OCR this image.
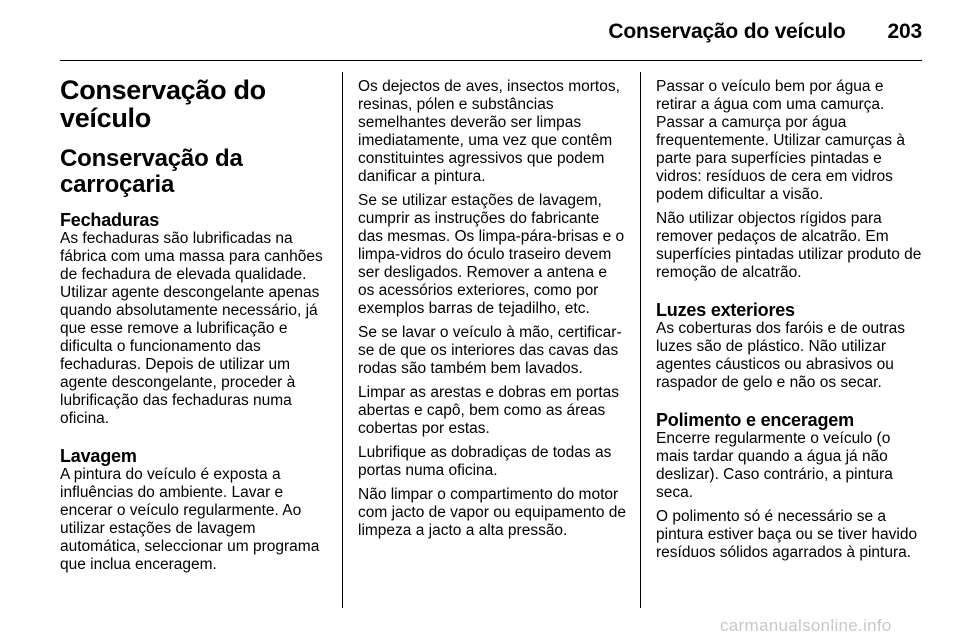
Conservação do veículo 203
Conservação do veículo
Conservação da carroçaria
Fechaduras

As fechaduras são lubrificadas na fábrica com uma massa para canhões de fechadura de elevada qualidade. Utilizar agente descongelante apenas quando absolutamente necessário, já que esse remove a lubrificação e dificulta o funcionamento das fechaduras. Depois de utilizar um agente descongelante, proceder à lubrificação das fechaduras numa oficina.

Lavagem

A pintura do veículo é exposta a influências do ambiente. Lavar e encerar o veículo regularmente. Ao utilizar estações de lavagem automática, seleccionar um programa que inclua enceragem.

Os dejectos de aves, insectos mortos, resinas, pólen e substâncias semelhantes deverão ser limpas imediatamente, uma vez que contêm constituintes agressivos que podem danificar a pintura.

Se se utilizar estações de lavagem, cumprir as instruções do fabricante das mesmas. Os limpa-pára-brisas e o limpa-vidros do óculo traseiro devem ser desligados. Remover a antena e os acessórios exteriores, como por exemplos barras de tejadilho, etc.

Se se lavar o veículo à mão, certificar-se de que os interiores das cavas das rodas são também bem lavados.

Limpar as arestas e dobras em portas abertas e capô, bem como as áreas cobertas por estas.

Lubrifique as dobradiças de todas as portas numa oficina.

Não limpar o compartimento do motor com jacto de vapor ou equipamento de limpeza a jacto a alta pressão.

Passar o veículo bem por água e retirar a água com uma camurça. Passar a camurça por água frequentemente. Utilizar camurças à parte para superfícies pintadas e vidros: resíduos de cera em vidros podem dificultar a visão.

Não utilizar objectos rígidos para remover pedaços de alcatrão. Em superfícies pintadas utilizar produto de remoção de alcatrão.

Luzes exteriores

As coberturas dos faróis e de outras luzes são de plástico. Não utilizar agentes cáusticos ou abrasivos ou raspador de gelo e não os secar.

Polimento e enceragem

Encerre regularmente o veículo (o mais tardar quando a água já não deslizar). Caso contrário, a pintura seca.

O polimento só é necessário se a pintura estiver baça ou se tiver havido resíduos sólidos agarrados à pintura.

carmanualsonline.info
